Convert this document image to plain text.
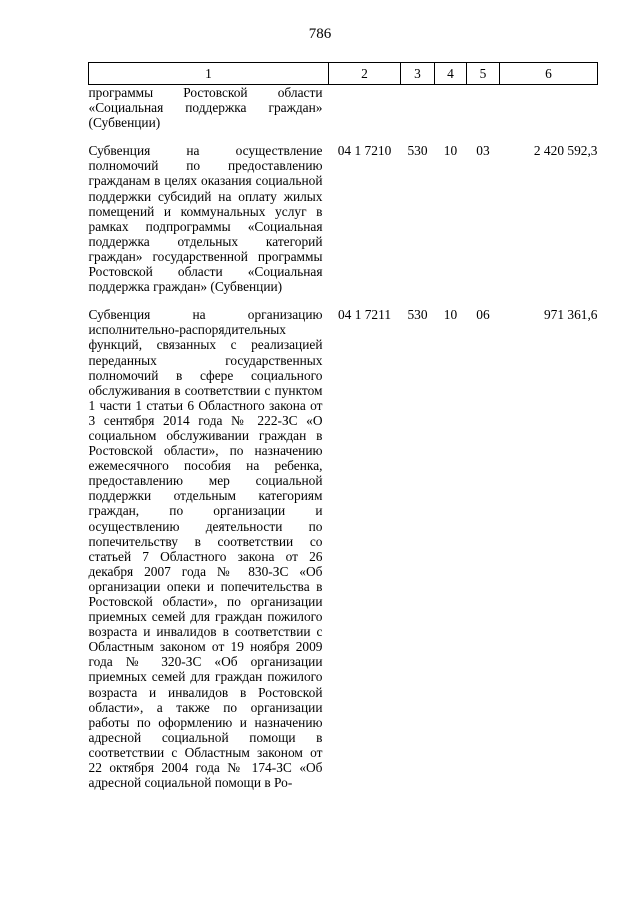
786
1	2	3	4	5	6
программы Ростовской области «Социальная поддержка граждан» (Субвенции)					
Субвенция на осуществление полномочий по предоставлению гражданам в целях оказания социальной поддержки субсидий на оплату жилых помещений и коммунальных услуг в рамках подпрограммы «Социальная поддержка отдельных категорий граждан» государственной программы Ростовской области «Социальная поддержка граждан» (Субвенции)	04 1 7210	530	10	03	2 420 592,3
Субвенция на организацию исполнительно-распорядительных функций, связанных с реализацией переданных государственных полномочий в сфере социального обслуживания в соответствии с пунктом 1 части 1 статьи 6 Областного закона от 3 сентября 2014 года № 222-ЗС «О социальном обслуживании граждан в Ростовской области», по назначению ежемесячного пособия на ребенка, предоставлению мер социальной поддержки отдельным категориям граждан, по организации и осуществлению деятельности по попечительству в соответствии со статьей 7 Областного закона от 26 декабря 2007 года № 830-ЗС «Об организации опеки и попечительства в Ростовской области», по организации приемных семей для граждан пожилого возраста и инвалидов в соответствии с Областным законом от 19 ноября 2009 года № 320-ЗС «Об организации приемных семей для граждан пожилого возраста и инвалидов в Ростовской области», а также по организации работы по оформлению и назначению адресной социальной помощи в соответствии с Областным законом от 22 октября 2004 года № 174-ЗС «Об адресной социальной помощи в Ро-	04 1 7211	530	10	06	971 361,6
